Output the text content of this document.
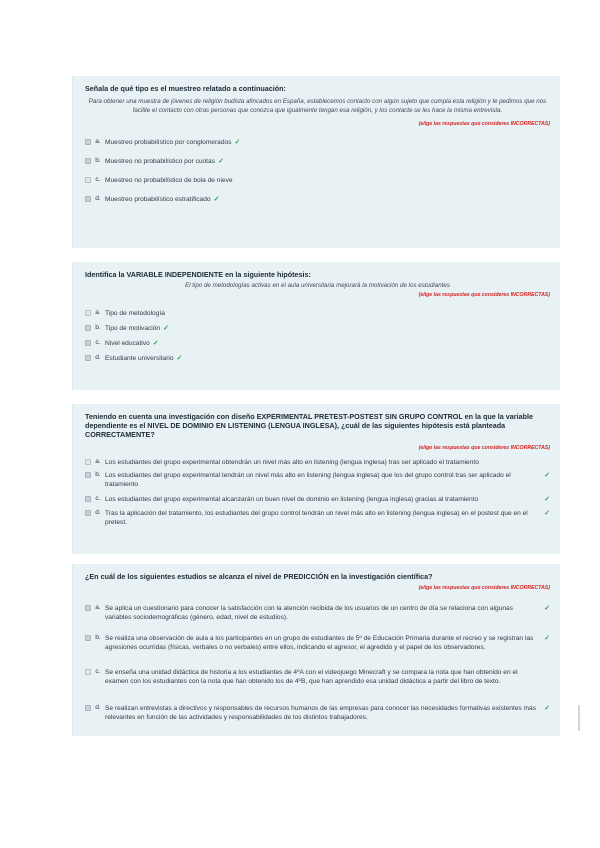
Señala de qué tipo es el muestreo relatado a continuación:
Para obtener una muestra de jóvenes de religión budista afincados en España, establecemos contacto con algún sujeto que cumpla esta religión y le pedimos que nos facilite el contacto con otras personas que conozca que igualmente tengan esa religión, y los contacte se les hace la misma entrevista.
(elige las respuestas que consideres INCORRECTAS)
a. Muestreo probabilístico por conglomerados ✓
b. Muestreo no probabilístico por cuotas ✓
c. Muestreo no probabilístico de bola de nieve
d. Muestreo probabilístico estratificado ✓
Identifica la VARIABLE INDEPENDIENTE en la siguiente hipótesis:
El tipo de metodologías activas en el aula universitaria mejorará la motivación de los estudiantes
(elige las respuestas que consideres INCORRECTAS)
a. Tipo de metodología
b. Tipo de motivación ✓
c. Nivel educativo ✓
d. Estudiante universitario ✓
Teniendo en cuenta una investigación con diseño EXPERIMENTAL PRETEST-POSTEST SIN GRUPO CONTROL en la que la variable dependiente es el NIVEL DE DOMINIO EN LISTENING (LENGUA INGLESA), ¿cuál de las siguientes hipótesis está planteada CORRECTAMENTE?
(elige las respuestas que consideres INCORRECTAS)
a. Los estudiantes del grupo experimental obtendrán un nivel más alto en listening (lengua inglesa) tras ser aplicado el tratamiento
b. Los estudiantes del grupo experimental tendrán un nivel más alto en listening (lengua inglesa) que los del grupo control tras ser aplicado el tratamiento
✓
c. Los estudiantes del grupo experimental alcanzarán un buen nivel de dominio en listening (lengua inglesa) gracias al tratamiento	✓
d. Tras la aplicación del tratamiento, los estudiantes del grupo control tendrán un nivel más alto en listening (lengua inglesa) en el postest que en el pretest.
✓
¿En cuál de los siguientes estudios se alcanza el nivel de PREDICCIÓN en la investigación científica?
(elige las respuestas que consideres INCORRECTAS)
a. Se aplica un cuestionario para conocer la satisfacción con la atención recibida de los usuarios de un centro de día se relaciona con algunas variables sociodemográficas (género, edad, nivel de estudios).
✓
b. Se realiza una observación de aula a los participantes en un grupo de estudiantes de 5º de Educación Primaria durante el recreo y se registran las agresiones ocurridas (físicas, verbales o no verbales) entre ellos, indicando el agresor, el agredido y el papel de los observadores.
✓
c. Se enseña una unidad didáctica de historia a los estudiantes de 4ºA con el videojuego Minecraft y se compara la nota que han obtenido en el examen con los estudiantes con la nota que han obtenido los de 4ºB, que han aprendido esa unidad didáctica a partir del libro de texto.
d. Se realizan entrevistas a directivos y responsables de recursos humanos de las empresas para conocer las necesidades formativas existentes más relevantes en función de las actividades y responsabilidades de los distintos trabajadores.
✓
